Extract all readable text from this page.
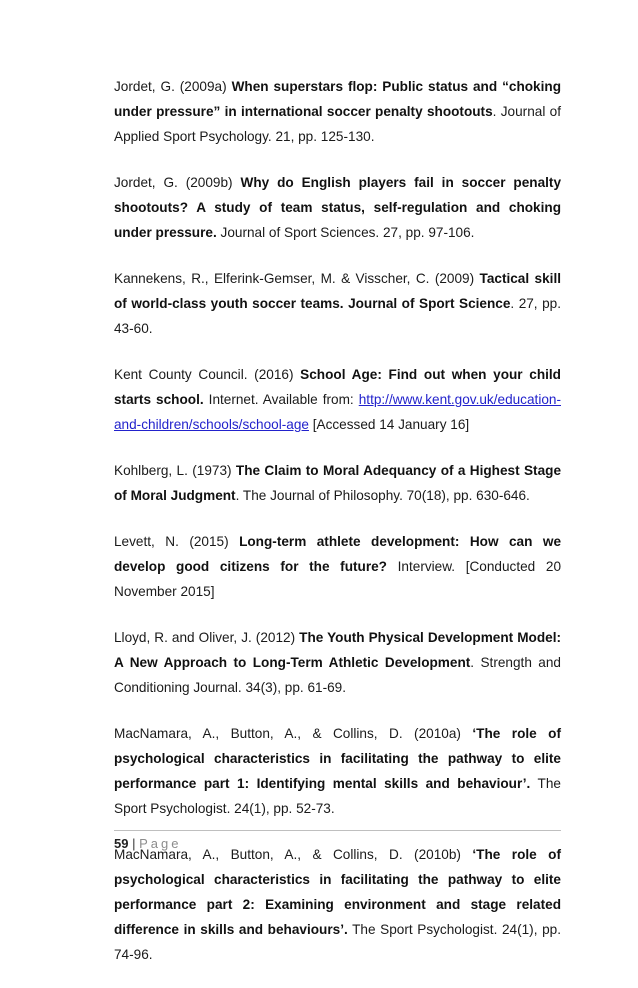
Jordet, G. (2009a) When superstars flop: Public status and “choking under pressure” in international soccer penalty shootouts. Journal of Applied Sport Psychology. 21, pp. 125-130.

Jordet, G. (2009b) Why do English players fail in soccer penalty shootouts? A study of team status, self-regulation and choking under pressure. Journal of Sport Sciences. 27, pp. 97-106.

Kannekens, R., Elferink-Gemser, M. & Visscher, C. (2009) Tactical skill of world-class youth soccer teams. Journal of Sport Science. 27, pp. 43-60.

Kent County Council. (2016) School Age: Find out when your child starts school. Internet. Available from: http://www.kent.gov.uk/education-and-children/schools/school-age [Accessed 14 January 16]

Kohlberg, L. (1973) The Claim to Moral Adequancy of a Highest Stage of Moral Judgment. The Journal of Philosophy. 70(18), pp. 630-646.

Levett, N. (2015) Long-term athlete development: How can we develop good citizens for the future? Interview. [Conducted 20 November 2015]

Lloyd, R. and Oliver, J. (2012) The Youth Physical Development Model: A New Approach to Long-Term Athletic Development. Strength and Conditioning Journal. 34(3), pp. 61-69.

MacNamara, A., Button, A., & Collins, D. (2010a) ‘The role of psychological characteristics in facilitating the pathway to elite performance part 1: Identifying mental skills and behaviour’. The Sport Psychologist. 24(1), pp. 52-73.

MacNamara, A., Button, A., & Collins, D. (2010b) ‘The role of psychological characteristics in facilitating the pathway to elite performance part 2: Examining environment and stage related difference in skills and behaviours’. The Sport Psychologist. 24(1), pp. 74-96.

59 | Page
